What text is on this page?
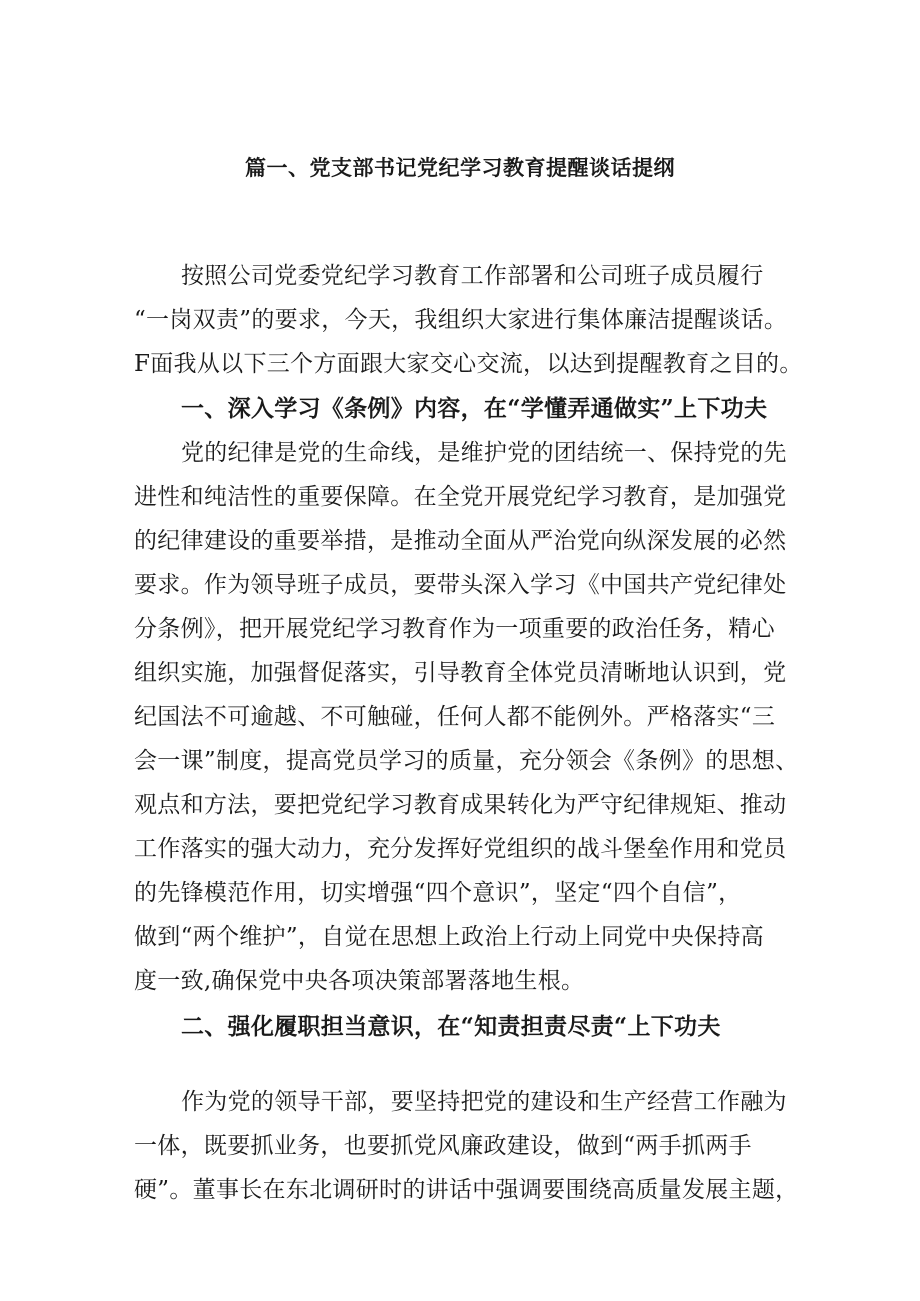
篇一、党支部书记党纪学习教育提醒谈话提纲
按照公司党委党纪学习教育工作部署和公司班子成员履行
“一岗双责”的要求，今天，我组织大家进行集体廉洁提醒谈话。
F面我从以下三个方面跟大家交心交流，以达到提醒教育之目的。
一、深入学习《条例》内容，在“学懂弄通做实”上下功夫
党的纪律是党的生命线，是维护党的团结统一、保持党的先
进性和纯洁性的重要保障。在全党开展党纪学习教育，是加强党
的纪律建设的重要举措，是推动全面从严治党向纵深发展的必然
要求。作为领导班子成员，要带头深入学习《中国共产党纪律处
分条例》，把开展党纪学习教育作为一项重要的政治任务，精心
组织实施，加强督促落实，引导教育全体党员清晰地认识到，党
纪国法不可逾越、不可触碰，任何人都不能例外。严格落实“三
会一课”制度，提高党员学习的质量，充分领会《条例》的思想、
观点和方法，要把党纪学习教育成果转化为严守纪律规矩、推动
工作落实的强大动力，充分发挥好党组织的战斗堡垒作用和党员
的先锋模范作用，切实增强“四个意识”，坚定“四个自信”，
做到“两个维护”，自觉在思想上政治上行动上同党中央保持高
度一致,确保党中央各项决策部署落地生根。
二、强化履职担当意识，在“知责担责尽责“上下功夫
作为党的领导干部，要坚持把党的建设和生产经营工作融为
一体，既要抓业务，也要抓党风廉政建设，做到“两手抓两手
硬”。董事长在东北调研时的讲话中强调要围绕高质量发展主题，
